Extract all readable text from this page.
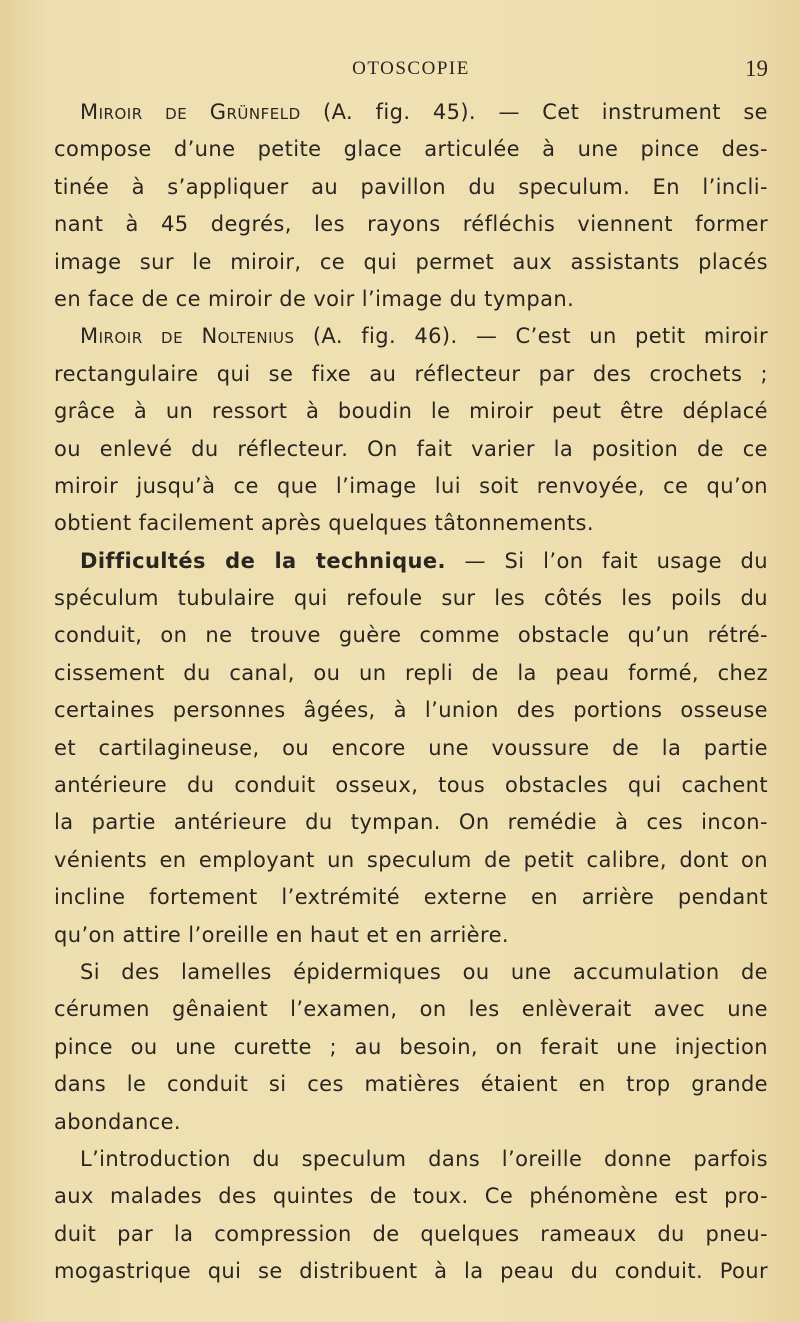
OTOSCOPIE	19
Miroir de Grünfeld (A. fig. 45). — Cet instrument se
compose d’une petite glace articulée à une pince des-
tinée à s’appliquer au pavillon du speculum. En l’incli-
nant à 45 degrés, les rayons réfléchis viennent former
image sur le miroir, ce qui permet aux assistants placés
en face de ce miroir de voir l’image du tympan.
Miroir de Noltenius (A. fig. 46). — C’est un petit miroir
rectangulaire qui se fixe au réflecteur par des crochets ;
grâce à un ressort à boudin le miroir peut être déplacé
ou enlevé du réflecteur. On fait varier la position de ce
miroir jusqu’à ce que l’image lui soit renvoyée, ce qu’on
obtient facilement après quelques tâtonnements.
Difficultés de la technique. — Si l’on fait usage du
spéculum tubulaire qui refoule sur les côtés les poils du
conduit, on ne trouve guère comme obstacle qu’un rétré-
cissement du canal, ou un repli de la peau formé, chez
certaines personnes âgées, à l’union des portions osseuse
et cartilagineuse, ou encore une voussure de la partie
antérieure du conduit osseux, tous obstacles qui cachent
la partie antérieure du tympan. On remédie à ces incon-
vénients en employant un speculum de petit calibre, dont on
incline fortement l’extrémité externe en arrière pendant
qu’on attire l’oreille en haut et en arrière.
Si des lamelles épidermiques ou une accumulation de
cérumen gênaient l’examen, on les enlèverait avec une
pince ou une curette ; au besoin, on ferait une injection
dans le conduit si ces matières étaient en trop grande
abondance.
L’introduction du speculum dans l’oreille donne parfois
aux malades des quintes de toux. Ce phénomène est pro-
duit par la compression de quelques rameaux du pneu-
mogastrique qui se distribuent à la peau du conduit. Pour
